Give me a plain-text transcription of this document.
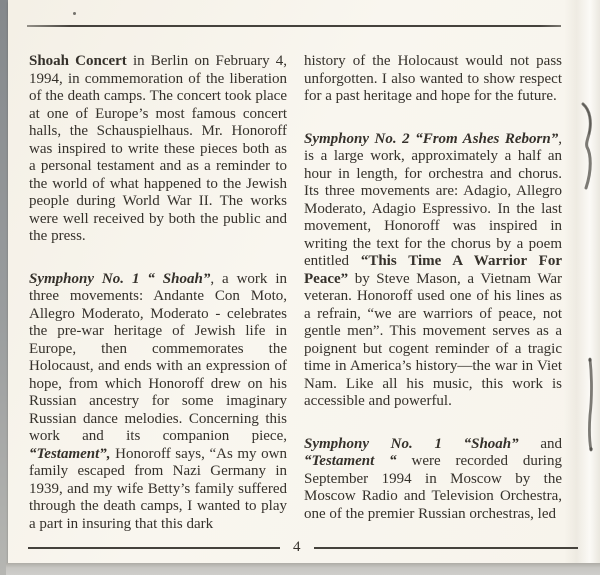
Shoah Concert in Berlin on February 4, 1994, in commemoration of the liberation of the death camps. The concert took place at one of Europe’s most famous concert halls, the Schauspielhaus. Mr. Honoroff was inspired to write these pieces both as a personal testament and as a reminder to the world of what happened to the Jewish people during World War II. The works were well received by both the public and the press.

Symphony No. 1 “ Shoah”, a work in three movements: Andante Con Moto, Allegro Moderato, Moderato - celebrates the pre-war heritage of Jewish life in Europe, then commemorates the Holocaust, and ends with an expression of hope, from which Honoroff drew on his Russian ancestry for some imaginary Russian dance melodies. Concerning this work and its companion piece, “Testament”, Honoroff says, “As my own family escaped from Nazi Germany in 1939, and my wife Betty’s family suffered through the death camps, I wanted to play a part in insuring that this dark

history of the Holocaust would not pass unforgotten. I also wanted to show respect for a past heritage and hope for the future.

Symphony No. 2 “From Ashes Reborn”, is a large work, approximately a half an hour in length, for orchestra and chorus. Its three movements are: Adagio, Allegro Moderato, Adagio Espressivo. In the last movement, Honoroff was inspired in writing the text for the chorus by a poem entitled “This Time A Warrior For Peace” by Steve Mason, a Vietnam War veteran. Honoroff used one of his lines as a refrain, “we are warriors of peace, not gentle men”. This movement serves as a poignent but cogent reminder of a tragic time in America’s history—the war in Viet Nam. Like all his music, this work is accessible and powerful.

Symphony No. 1 “Shoah” and “Testament “ were recorded during September 1994 in Moscow by the Moscow Radio and Television Orchestra, one of the premier Russian orchestras, led

4
